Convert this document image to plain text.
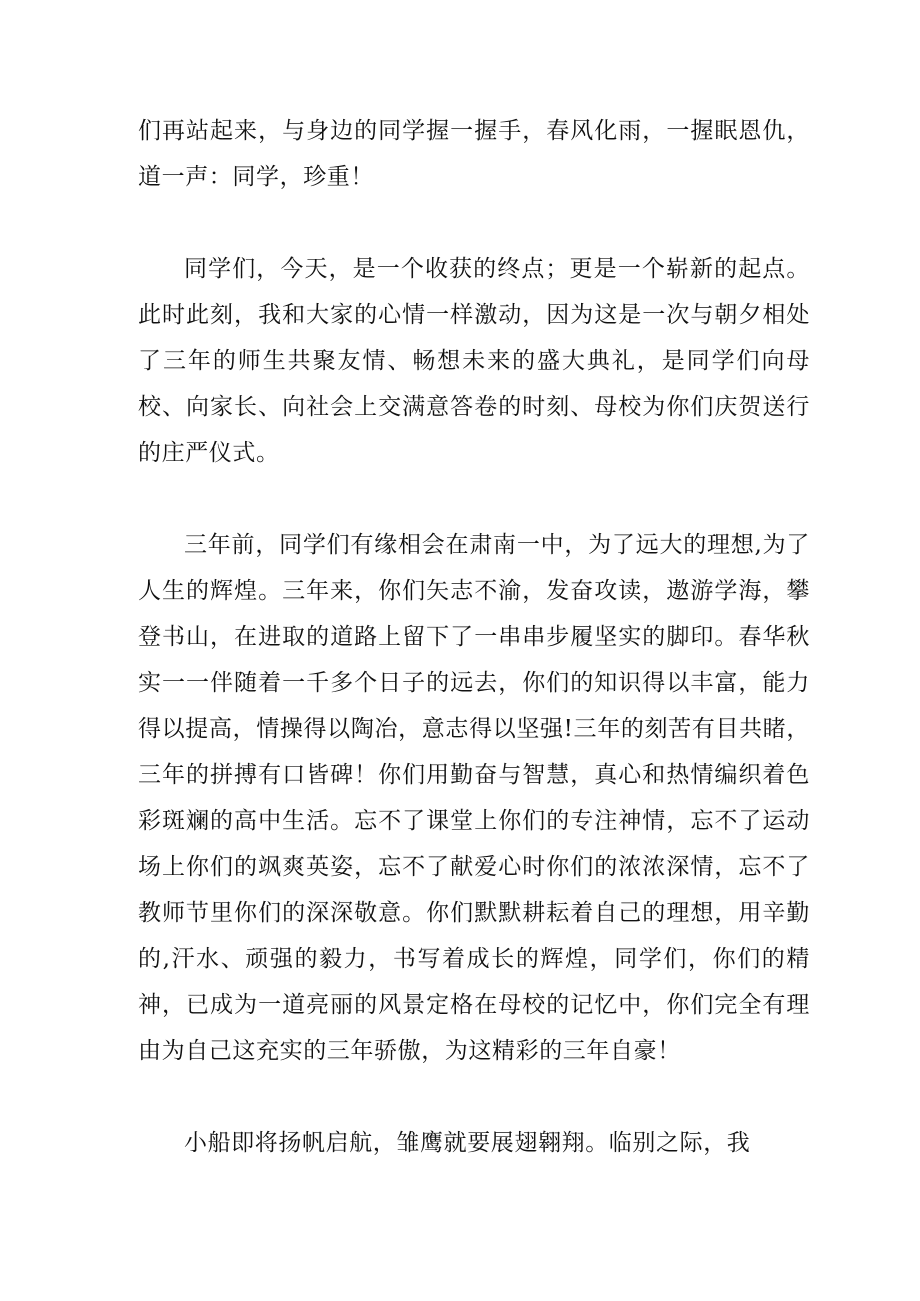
们再站起来，与身边的同学握一握手，春风化雨，一握眠恩仇，道一声：同学，珍重！

同学们，今天，是一个收获的终点；更是一个崭新的起点。此时此刻，我和大家的心情一样激动，因为这是一次与朝夕相处了三年的师生共聚友情、畅想未来的盛大典礼，是同学们向母校、向家长、向社会上交满意答卷的时刻、母校为你们庆贺送行的庄严仪式。

三年前，同学们有缘相会在肃南一中，为了远大的理想,为了人生的辉煌。三年来，你们矢志不渝，发奋攻读，遨游学海，攀登书山，在进取的道路上留下了一串串步履坚实的脚印。春华秋实一一伴随着一千多个日子的远去，你们的知识得以丰富，能力得以提高，情操得以陶冶，意志得以坚强!三年的刻苦有目共睹，三年的拼搏有口皆碑！你们用勤奋与智慧，真心和热情编织着色彩斑斓的高中生活。忘不了课堂上你们的专注神情，忘不了运动场上你们的飒爽英姿，忘不了献爱心时你们的浓浓深情，忘不了教师节里你们的深深敬意。你们默默耕耘着自己的理想，用辛勤的,汗水、顽强的毅力，书写着成长的辉煌，同学们，你们的精神，已成为一道亮丽的风景定格在母校的记忆中，你们完全有理由为自己这充实的三年骄傲，为这精彩的三年自豪！

小船即将扬帆启航，雏鹰就要展翅翱翔。临别之际，我
